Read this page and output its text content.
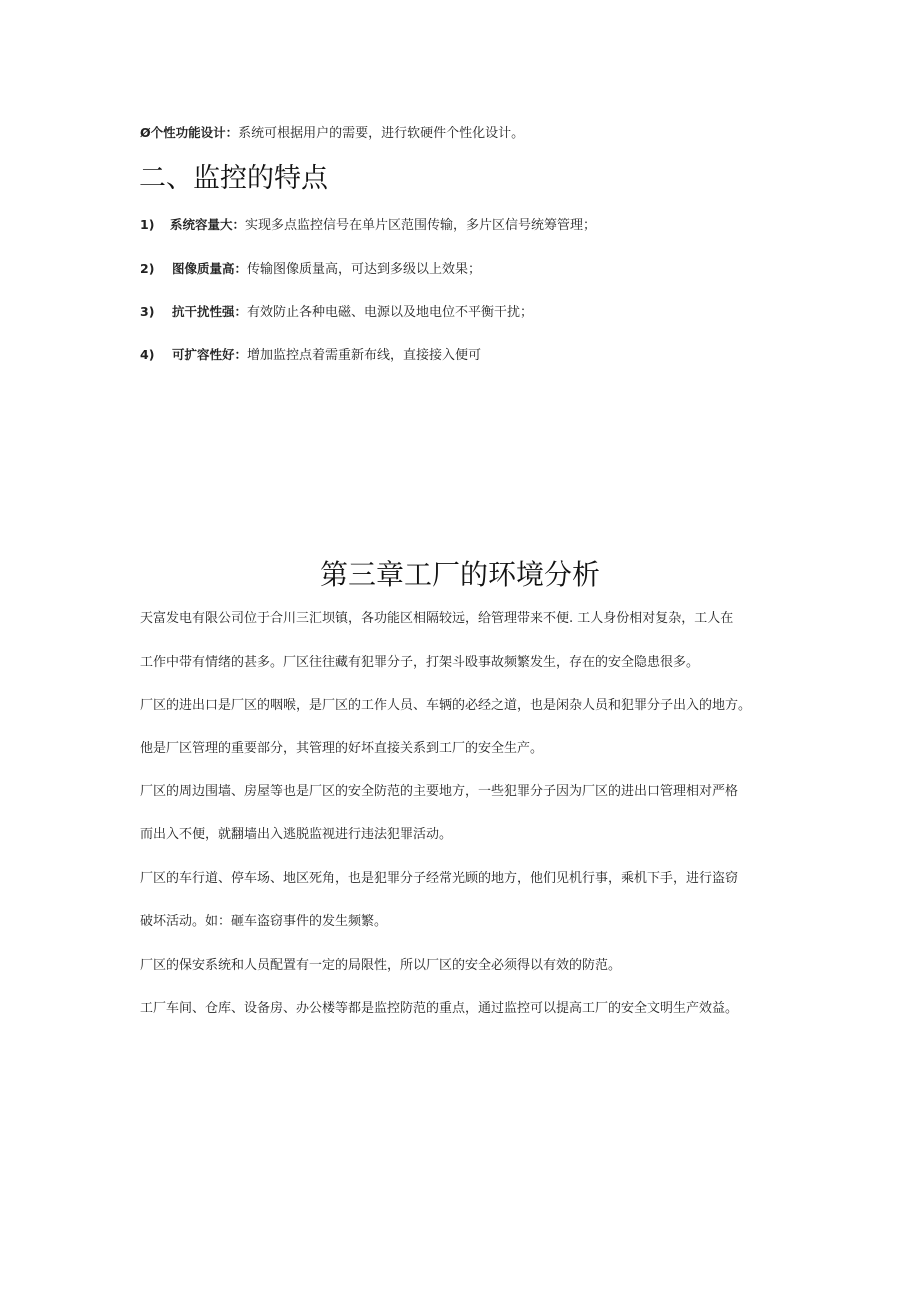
Ø个性功能设计：系统可根据用户的需要，进行软硬件个性化设计。
二、监控的特点
1) 系统容量大：实现多点监控信号在单片区范围传输，多片区信号统筹管理；
2) 图像质量高：传输图像质量高，可达到多级以上效果；
3) 抗干扰性强：有效防止各种电磁、电源以及地电位不平衡干扰；
4) 可扩容性好：增加监控点着需重新布线，直接接入便可
第三章工厂的环境分析
天富发电有限公司位于合川三汇坝镇，各功能区相隔较远，给管理带来不便. 工人身份相对复杂，工人在
工作中带有情绪的甚多。厂区往往藏有犯罪分子，打架斗殴事故频繁发生，存在的安全隐患很多。
厂区的进出口是厂区的咽喉，是厂区的工作人员、车辆的必经之道，也是闲杂人员和犯罪分子出入的地方。
他是厂区管理的重要部分，其管理的好坏直接关系到工厂的安全生产。
厂区的周边围墙、房屋等也是厂区的安全防范的主要地方，一些犯罪分子因为厂区的进出口管理相对严格
而出入不便，就翻墙出入逃脱监视进行违法犯罪活动。
厂区的车行道、停车场、地区死角，也是犯罪分子经常光顾的地方，他们见机行事，乘机下手，进行盗窃
破坏活动。如：砸车盗窃事件的发生频繁。
厂区的保安系统和人员配置有一定的局限性，所以厂区的安全必须得以有效的防范。
工厂车间、仓库、设备房、办公楼等都是监控防范的重点，通过监控可以提高工厂的安全文明生产效益。
